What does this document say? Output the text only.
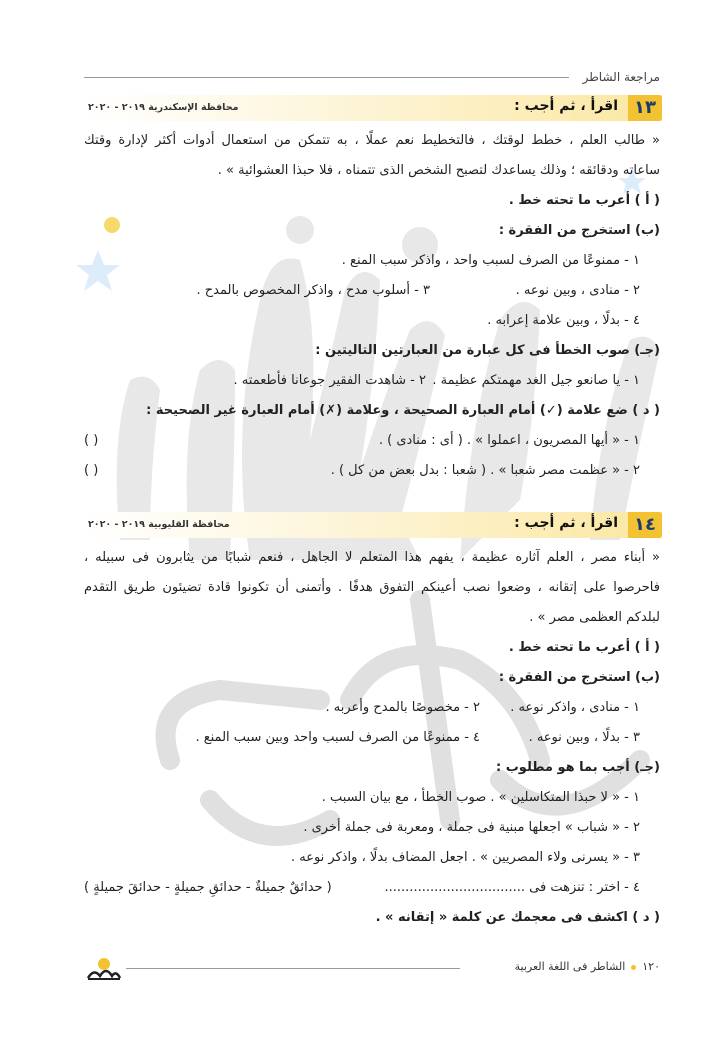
مراجعة الشاطر
١٣
اقرأ ، ثم أجب :
محافظة الإسكندرية ٢٠١٩ - ٢٠٢٠
« طالب العلم ، خطط لوقتك ، فالتخطيط نعم عملًا ، به تتمكن من استعمال أدوات أكثر لإدارة وقتك
ساعاته ودقائقه ؛ وذلك يساعدك لتصبح الشخص الذى تتمناه ، فلا حبذا العشوائية » .
( أ ) أعرب ما تحته خط .
(ب) استخرج من الفقرة :
١ - ممنوعًا من الصرف لسبب واحد ، واذكر سبب المنع .
٢ - منادى ، وبين نوعه .
٣ - أسلوب مدح ، واذكر المخصوص بالمدح .
٤ - بدلًا ، وبين علامة إعرابه .
(جـ) صوب الخطأ فى كل عبارة من العبارتين التاليتين :
١ - يا صانعو جيل الغد مهمتكم عظيمة .
٢ - شاهدت الفقير جوعانا فأطعمته .
( د ) ضع علامة (✓) أمام العبارة الصحيحة ، وعلامة (✗) أمام العبارة غير الصحيحة :
١ - « أيها المصريون ، اعملوا » . ( أى : منادى ) .
( )
٢ - « عظمت مصر شعبا » . ( شعبا : بدل بعض من كل ) .
( )
١٤
اقرأ ، ثم أجب :
محافظة القليوبية ٢٠١٩ - ٢٠٢٠
« أبناء مصر ، العلم آثاره عظيمة ، يفهم هذا المتعلم لا الجاهل ، فنعم شبابًا من يثابرون فى سبيله ،
فاحرصوا على إتقانه ، وضعوا نصب أعينكم التفوق هدفًا . وأتمنى أن تكونوا قادة تضيئون طريق التقدم
لبلدكم العظمى مصر » .
( أ ) أعرب ما تحته خط .
(ب) استخرج من الفقرة :
١ - منادى ، واذكر نوعه .
٢ - مخصوصًا بالمدح وأعربه .
٣ - بدلًا ، وبين نوعه .
٤ - ممنوعًا من الصرف لسبب واحد وبين سبب المنع .
(جـ) أجب بما هو مطلوب :
١ - « لا حبذا المتكاسلين » . صوب الخطأ ، مع بيان السبب .
٢ - « شباب » اجعلها مبنية فى جملة ، ومعربة فى جملة أخرى .
٣ - « يسرنى ولاء المصريين » . اجعل المضاف بدلًا ، واذكر نوعه .
٤ - اختر : تنزهت فى ..................................
( حدائقٌ جميلةٌ - حدائقِ جميلةٍ - حدائقَ جميلةٍ )
( د ) اكشف فى معجمك عن كلمة « إتقانه » .
١٢٠الشاطر فى اللغة العربية
